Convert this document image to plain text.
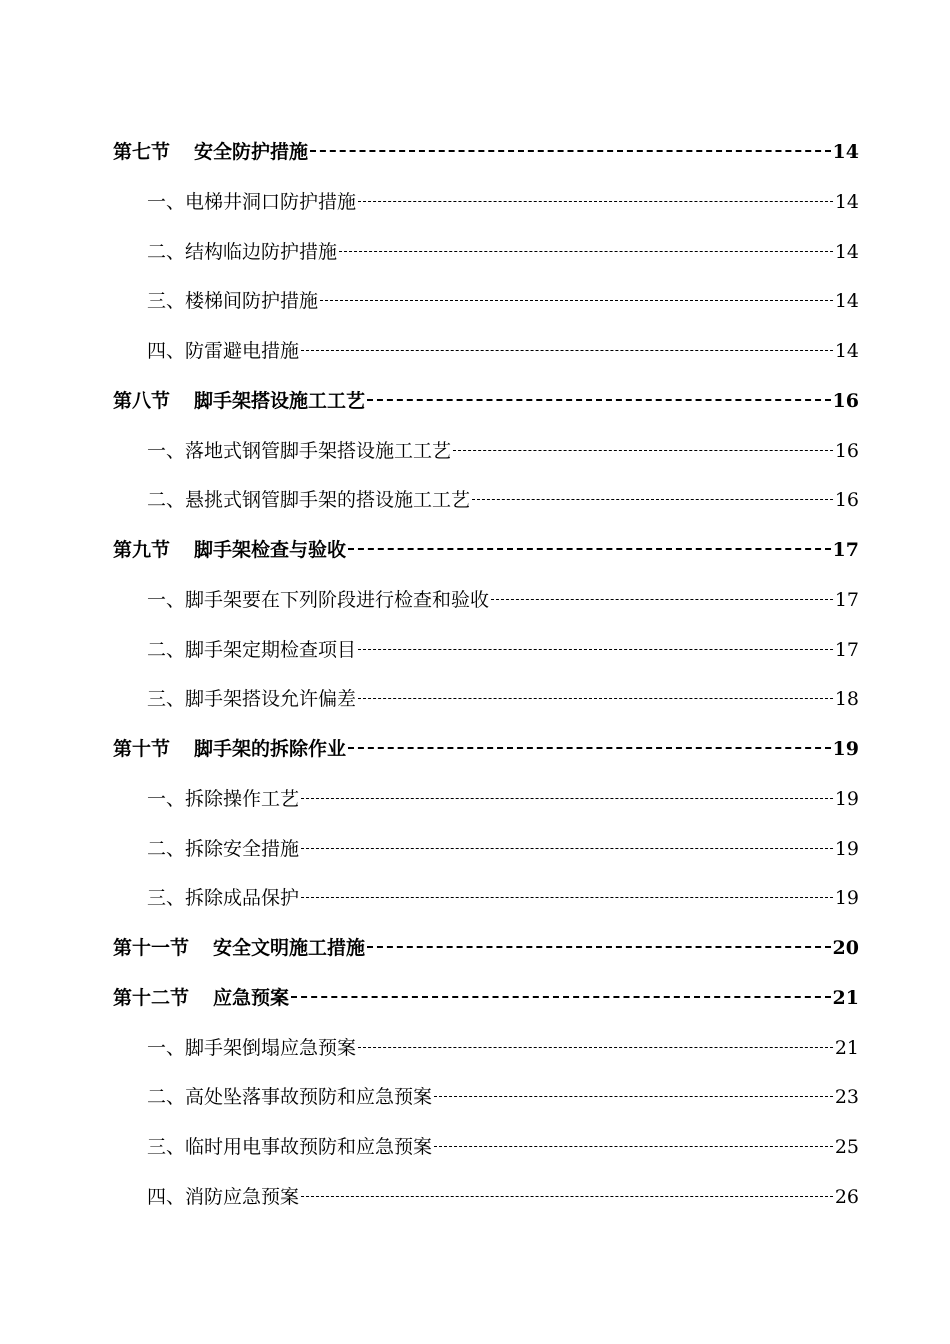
第七节 安全防护措施	14
一、电梯井洞口防护措施	14
二、结构临边防护措施	14
三、楼梯间防护措施	14
四、防雷避电措施	14
第八节 脚手架搭设施工工艺	16
一、落地式钢管脚手架搭设施工工艺	16
二、悬挑式钢管脚手架的搭设施工工艺	16
第九节 脚手架检查与验收	17
一、脚手架要在下列阶段进行检查和验收	17
二、脚手架定期检查项目	17
三、脚手架搭设允许偏差	18
第十节 脚手架的拆除作业	19
一、拆除操作工艺	19
二、拆除安全措施	19
三、拆除成品保护	19
第十一节 安全文明施工措施	20
第十二节 应急预案	21
一、脚手架倒塌应急预案	21
二、高处坠落事故预防和应急预案	23
三、临时用电事故预防和应急预案	25
四、消防应急预案	26
